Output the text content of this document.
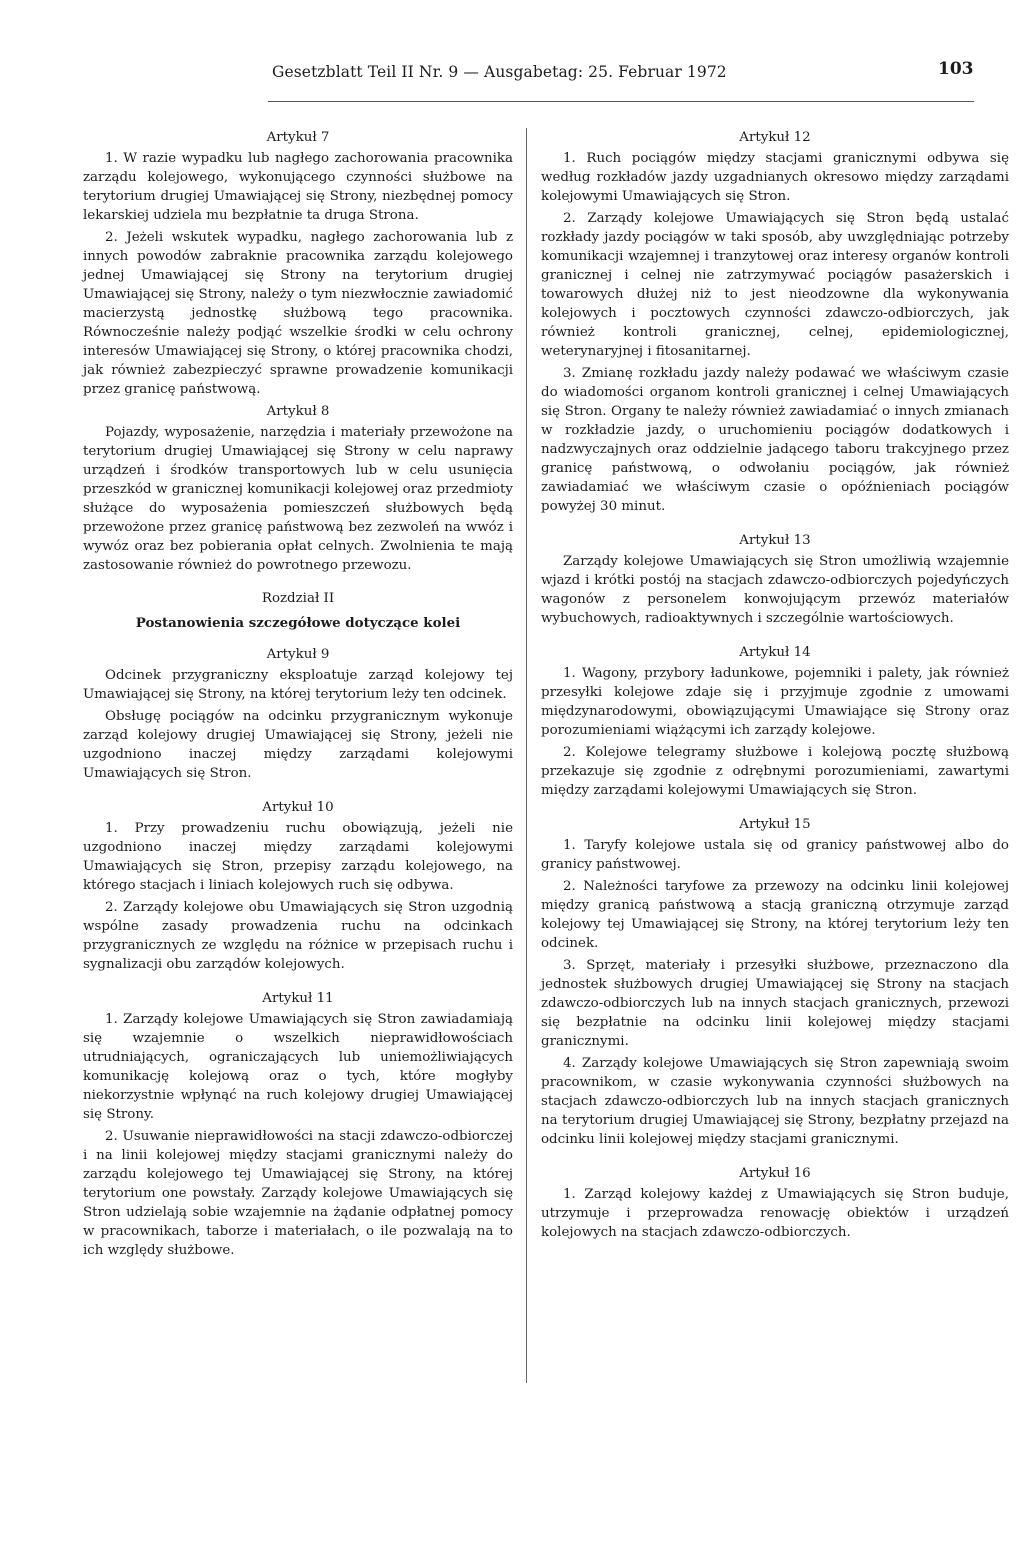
Gesetzblatt Teil II Nr. 9 — Ausgabetag: 25. Februar 1972	103
Artykuł 7

1. W razie wypadku lub nagłego zachorowania pracownika zarządu kolejowego, wykonującego czynności służbowe na terytorium drugiej Umawiającej się Strony, niezbędnej pomocy lekarskiej udziela mu bezpłatnie ta druga Strona.

2. Jeżeli wskutek wypadku, nagłego zachorowania lub z innych powodów zabraknie pracownika zarządu kolejowego jednej Umawiającej się Strony na terytorium drugiej Umawiającej się Strony, należy o tym niezwłocznie zawiadomić macierzystą jednostkę służbową tego pracownika. Równocześnie należy podjąć wszelkie środki w celu ochrony interesów Umawiającej się Strony, o której pracownika chodzi, jak również zabezpieczyć sprawne prowadzenie komunikacji przez granicę państwową.

Artykuł 8

Pojazdy, wyposażenie, narzędzia i materiały przewożone na terytorium drugiej Umawiającej się Strony w celu naprawy urządzeń i środków transportowych lub w celu usunięcia przeszkód w granicznej komunikacji kolejowej oraz przedmioty służące do wyposażenia pomieszczeń służbowych będą przewożone przez granicę państwową bez zezwoleń na wwóz i wywóz oraz bez pobierania opłat celnych. Zwolnienia te mają zastosowanie również do powrotnego przewozu.

Rozdział II
Postanowienia szczegółowe dotyczące kolei
Artykuł 9

Odcinek przygraniczny eksploatuje zarząd kolejowy tej Umawiającej się Strony, na której terytorium leży ten odcinek.

Obsługę pociągów na odcinku przygranicznym wykonuje zarząd kolejowy drugiej Umawiającej się Strony, jeżeli nie uzgodniono inaczej między zarządami kolejowymi Umawiających się Stron.

Artykuł 10

1. Przy prowadzeniu ruchu obowiązują, jeżeli nie uzgodniono inaczej między zarządami kolejowymi Umawiających się Stron, przepisy zarządu kolejowego, na którego stacjach i liniach kolejowych ruch się odbywa.

2. Zarządy kolejowe obu Umawiających się Stron uzgodnią wspólne zasady prowadzenia ruchu na odcinkach przygranicznych ze względu na różnice w przepisach ruchu i sygnalizacji obu zarządów kolejowych.

Artykuł 11

1. Zarządy kolejowe Umawiających się Stron zawiadamiają się wzajemnie o wszelkich nieprawidłowościach utrudniających, ograniczających lub uniemożliwiających komunikację kolejową oraz o tych, które mogłyby niekorzystnie wpłynąć na ruch kolejowy drugiej Umawiającej się Strony.

2. Usuwanie nieprawidłowości na stacji zdawczo-odbiorczej i na linii kolejowej między stacjami granicznymi należy do zarządu kolejowego tej Umawiającej się Strony, na której terytorium one powstały. Zarządy kolejowe Umawiających się Stron udzielają sobie wzajemnie na żądanie odpłatnej pomocy w pracownikach, taborze i materiałach, o ile pozwalają na to ich względy służbowe.

Artykuł 12

1. Ruch pociągów między stacjami granicznymi odbywa się według rozkładów jazdy uzgadnianych okresowo między zarządami kolejowymi Umawiających się Stron.

2. Zarządy kolejowe Umawiających się Stron będą ustalać rozkłady jazdy pociągów w taki sposób, aby uwzględniając potrzeby komunikacji wzajemnej i tranzytowej oraz interesy organów kontroli granicznej i celnej nie zatrzymywać pociągów pasażerskich i towarowych dłużej niż to jest nieodzowne dla wykonywania kolejowych i pocztowych czynności zdawczo-odbiorczych, jak również kontroli granicznej, celnej, epidemiologicznej, weterynaryjnej i fitosanitarnej.

3. Zmianę rozkładu jazdy należy podawać we właściwym czasie do wiadomości organom kontroli granicznej i celnej Umawiających się Stron. Organy te należy również zawiadamiać o innych zmianach w rozkładzie jazdy, o uruchomieniu pociągów dodatkowych i nadzwyczajnych oraz oddzielnie jadącego taboru trakcyjnego przez granicę państwową, o odwołaniu pociągów, jak również zawiadamiać we właściwym czasie o opóźnieniach pociągów powyżej 30 minut.

Artykuł 13

Zarządy kolejowe Umawiających się Stron umożliwią wzajemnie wjazd i krótki postój na stacjach zdawczo-odbiorczych pojedyńczych wagonów z personelem konwojującym przewóz materiałów wybuchowych, radioaktywnych i szczególnie wartościowych.

Artykuł 14

1. Wagony, przybory ładunkowe, pojemniki i palety, jak również przesyłki kolejowe zdaje się i przyjmuje zgodnie z umowami międzynarodowymi, obowiązującymi Umawiające się Strony oraz porozumieniami wiążącymi ich zarządy kolejowe.

2. Kolejowe telegramy służbowe i kolejową pocztę służbową przekazuje się zgodnie z odrębnymi porozumieniami, zawartymi między zarządami kolejowymi Umawiających się Stron.

Artykuł 15

1. Taryfy kolejowe ustala się od granicy państwowej albo do granicy państwowej.

2. Należności taryfowe za przewozy na odcinku linii kolejowej między granicą państwową a stacją graniczną otrzymuje zarząd kolejowy tej Umawiającej się Strony, na której terytorium leży ten odcinek.

3. Sprzęt, materiały i przesyłki służbowe, przeznaczono dla jednostek służbowych drugiej Umawiającej się Strony na stacjach zdawczo-odbiorczych lub na innych stacjach granicznych, przewozi się bezpłatnie na odcinku linii kolejowej między stacjami granicznymi.

4. Zarządy kolejowe Umawiających się Stron zapewniają swoim pracownikom, w czasie wykonywania czynności służbowych na stacjach zdawczo-odbiorczych lub na innych stacjach granicznych na terytorium drugiej Umawiającej się Strony, bezpłatny przejazd na odcinku linii kolejowej między stacjami granicznymi.

Artykuł 16

1. Zarząd kolejowy każdej z Umawiających się Stron buduje, utrzymuje i przeprowadza renowację obiektów i urządzeń kolejowych na stacjach zdawczo-odbiorczych.
